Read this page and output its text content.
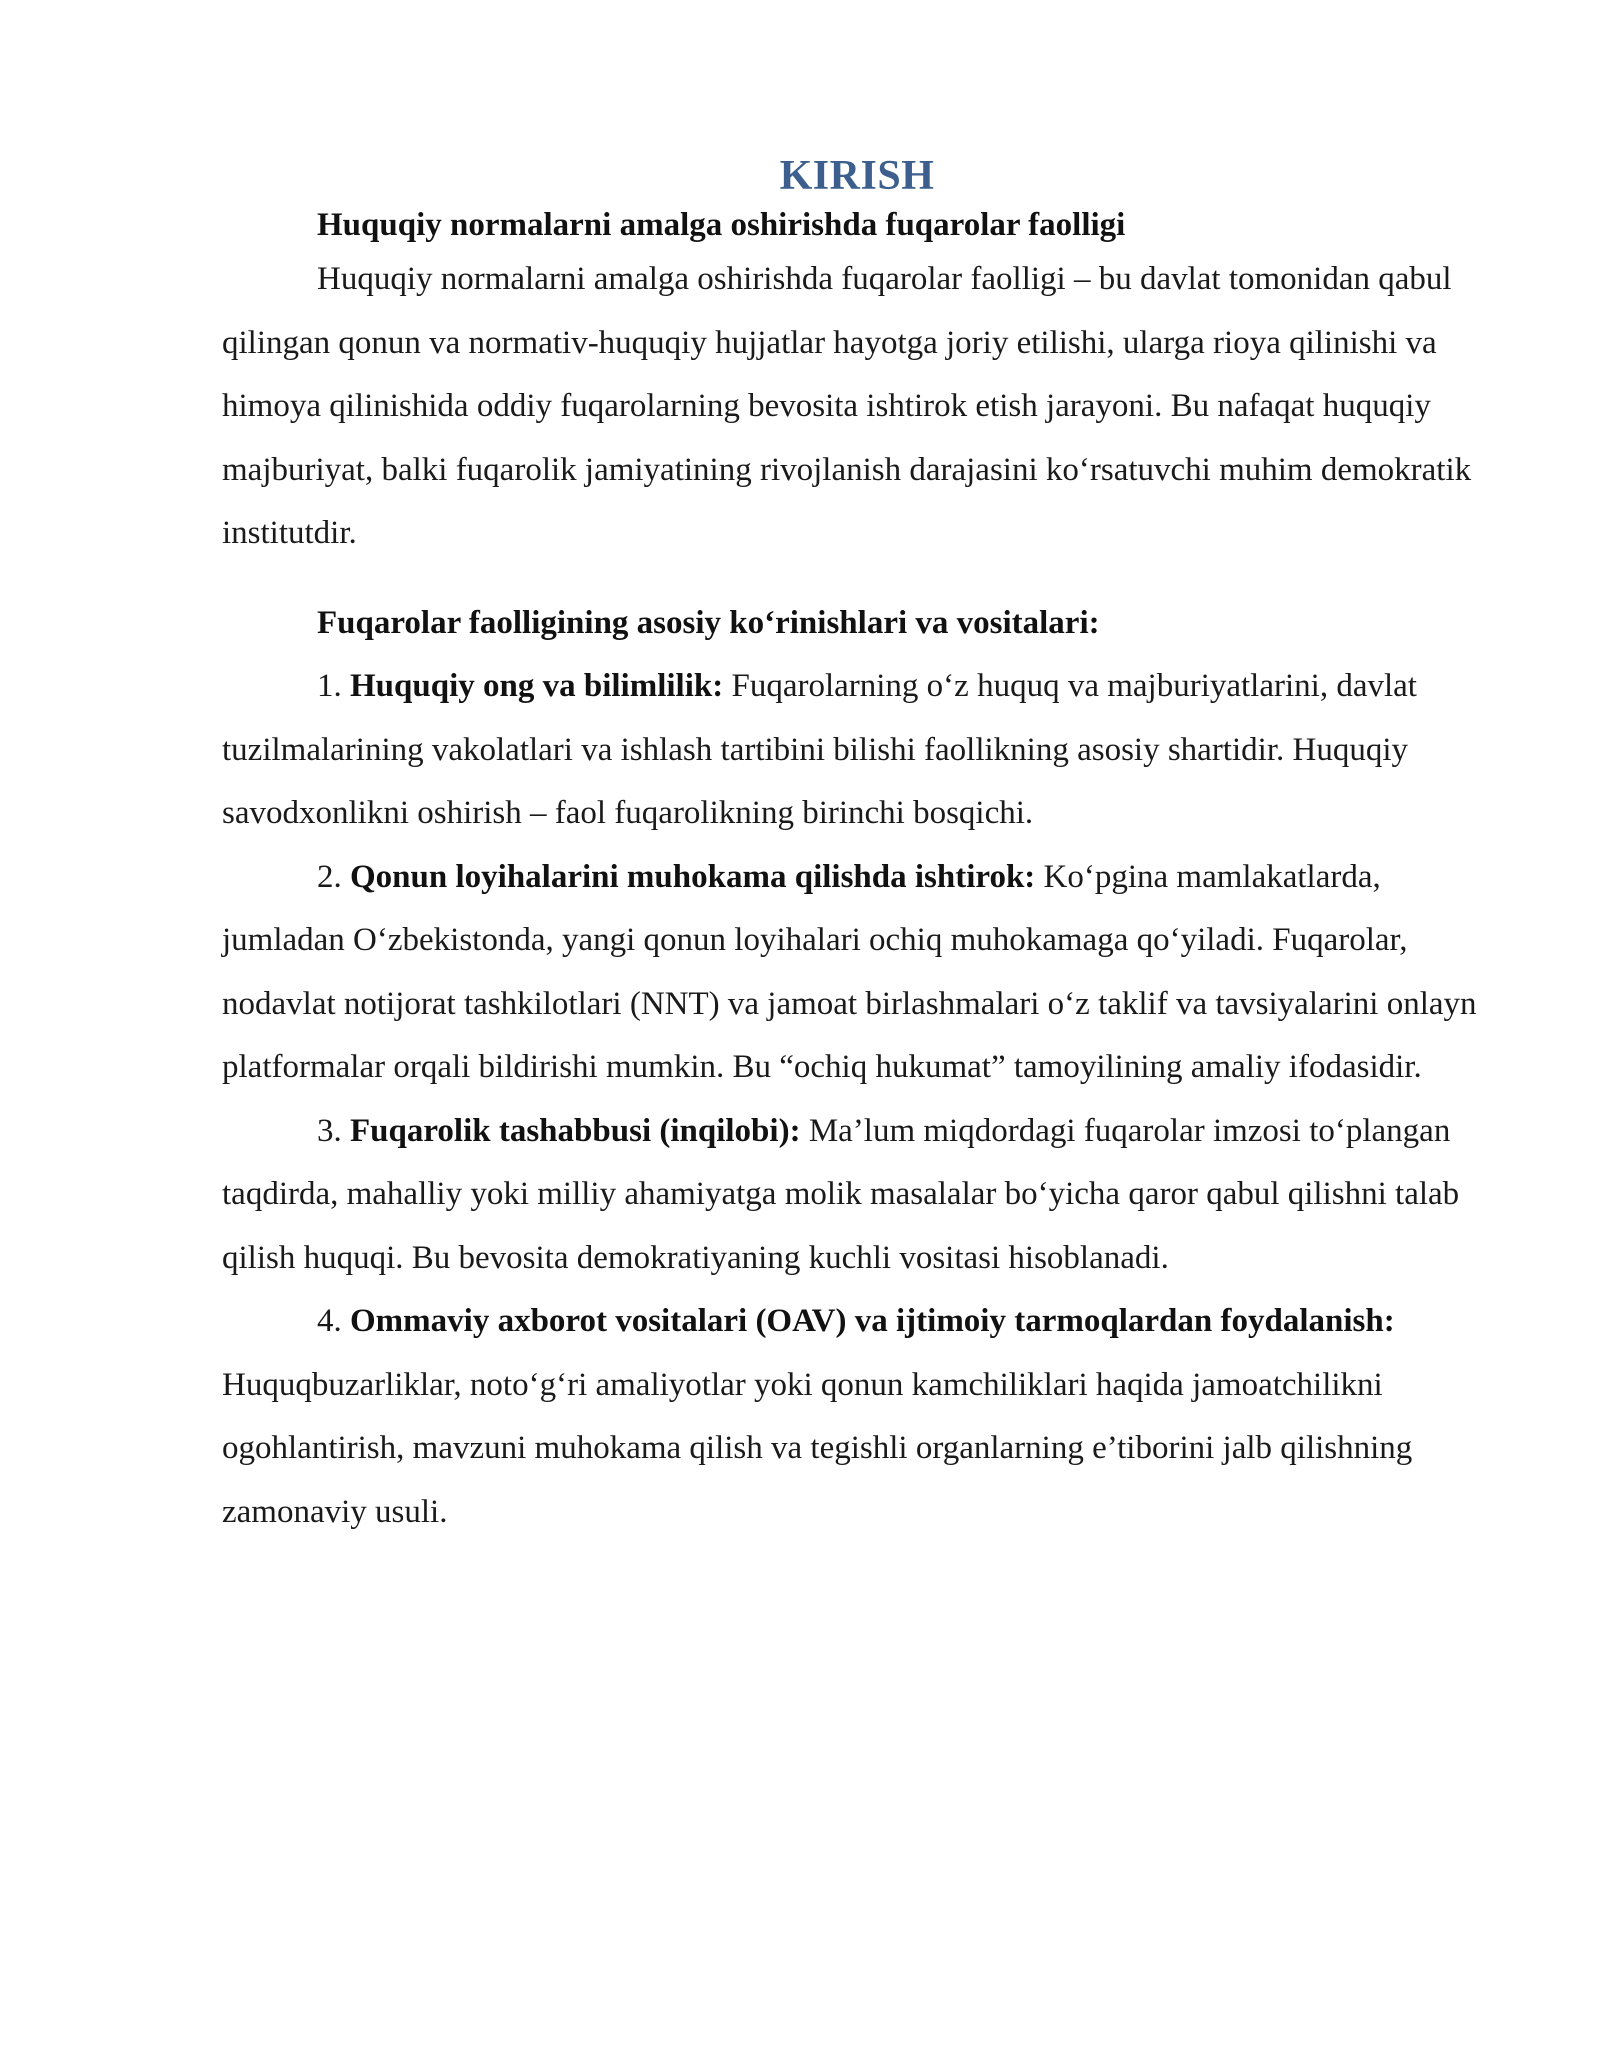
KIRISH
Huquqiy normalarni amalga oshirishda fuqarolar faolligi

Huquqiy normalarni amalga oshirishda fuqarolar faolligi – bu davlat tomonidan qabul qilingan qonun va normativ-huquqiy hujjatlar hayotga joriy etilishi, ularga rioya qilinishi va himoya qilinishida oddiy fuqarolarning bevosita ishtirok etish jarayoni. Bu nafaqat huquqiy majburiyat, balki fuqarolik jamiyatining rivojlanish darajasini ko‘rsatuvchi muhim demokratik institutdir.

Fuqarolar faolligining asosiy ko‘rinishlari va vositalari:

1. Huquqiy ong va bilimlilik: Fuqarolarning o‘z huquq va majburiyatlarini, davlat tuzilmalarining vakolatlari va ishlash tartibini bilishi faollikning asosiy shartidir. Huquqiy savodxonlikni oshirish – faol fuqarolikning birinchi bosqichi.

2. Qonun loyihalarini muhokama qilishda ishtirok: Ko‘pgina mamlakatlarda, jumladan O‘zbekistonda, yangi qonun loyihalari ochiq muhokamaga qo‘yiladi. Fuqarolar, nodavlat notijorat tashkilotlari (NNT) va jamoat birlashmalari o‘z taklif va tavsiyalarini onlayn platformalar orqali bildirishi mumkin. Bu “ochiq hukumat” tamoyilining amaliy ifodasidir.

3. Fuqarolik tashabbusi (inqilobi): Ma’lum miqdordagi fuqarolar imzosi to‘plangan taqdirda, mahalliy yoki milliy ahamiyatga molik masalalar bo‘yicha qaror qabul qilishni talab qilish huquqi. Bu bevosita demokratiyaning kuchli vositasi hisoblanadi.

4. Ommaviy axborot vositalari (OAV) va ijtimoiy tarmoqlardan foydalanish: Huquqbuzarliklar, noto‘g‘ri amaliyotlar yoki qonun kamchiliklari haqida jamoatchilikni ogohlantirish, mavzuni muhokama qilish va tegishli organlarning e’tiborini jalb qilishning zamonaviy usuli.
